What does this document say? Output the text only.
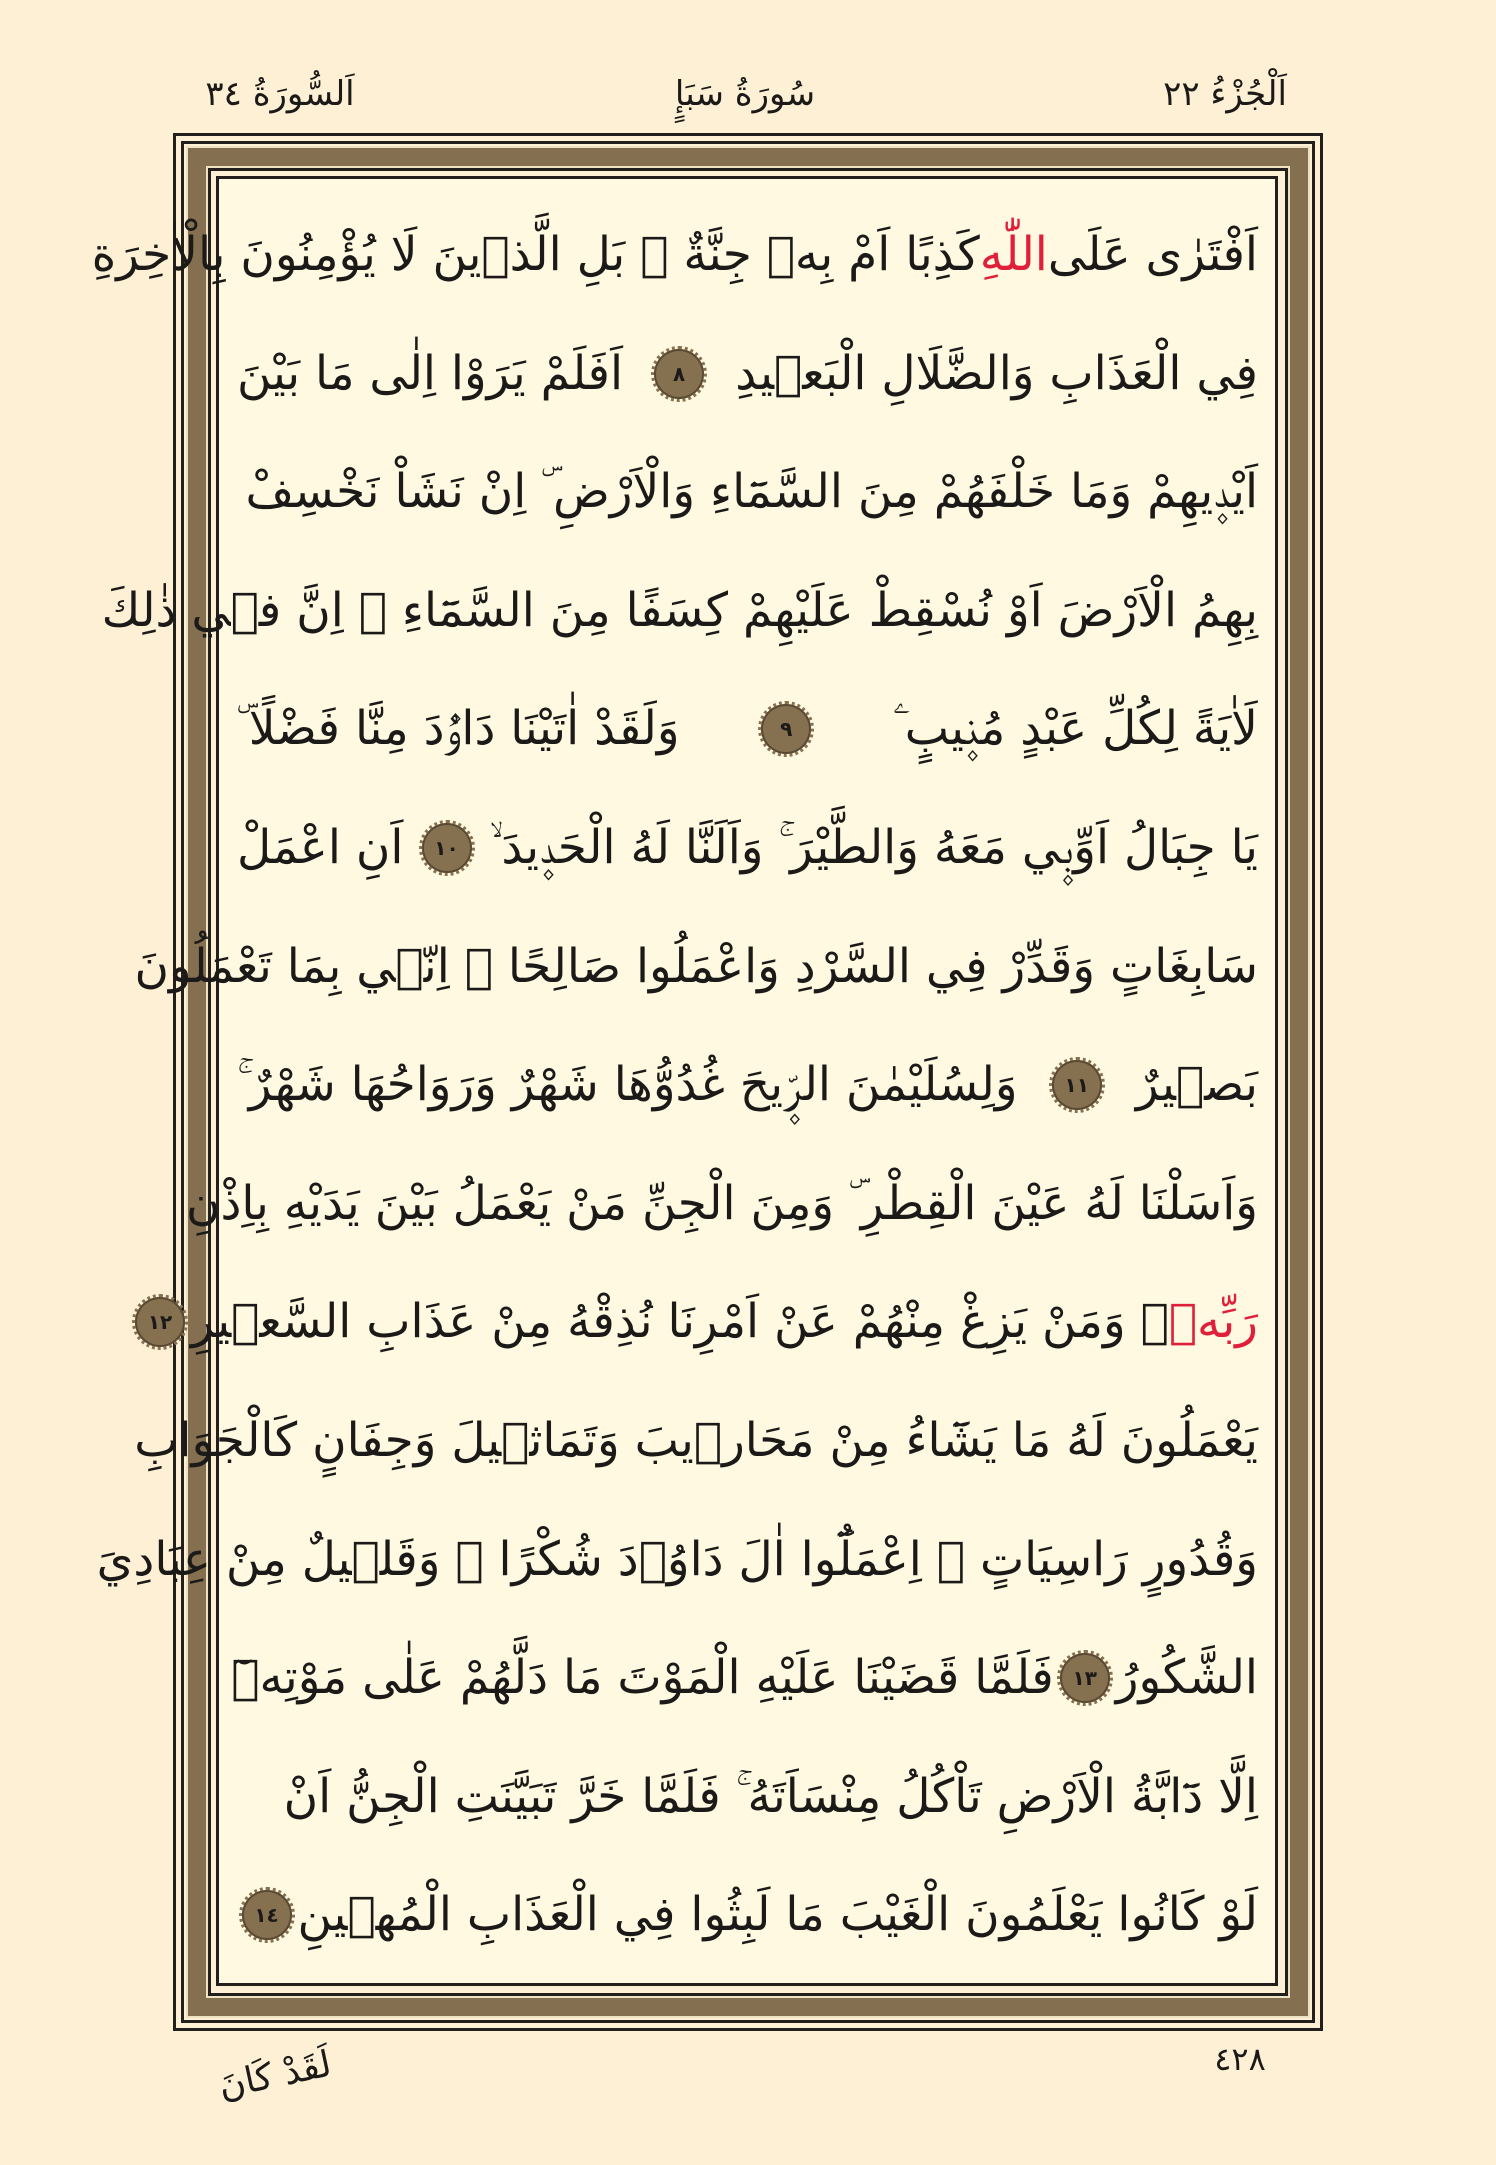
اَلسُّورَةُ ٣٤	سُورَةُ سَبَإٍ	اَلْجُزْءُ ٢٢
اَفْتَرٰى عَلَى
اللّٰهِ
كَذِبًا اَمْ بِه۪ جِنَّةٌ ۜ بَلِ الَّذ۪ينَ لَا يُؤْمِنُونَ بِالْاٰخِرَةِ
فِي الْعَذَابِ وَالضَّلَالِ الْبَع۪يدِ
٨
اَفَلَمْ يَرَوْا اِلٰى مَا بَيْنَ
اَيْد۪يهِمْ وَمَا خَلْفَهُمْ مِنَ السَّمَٓاءِ وَالْاَرْضِ ۜ اِنْ نَشَاْ نَخْسِفْ
بِهِمُ الْاَرْضَ اَوْ نُسْقِطْ عَلَيْهِمْ كِسَفًا مِنَ السَّمَٓاءِ ۜ اِنَّ ف۪ي ذٰلِكَ
لَاٰيَةً لِكُلِّ عَبْدٍ مُن۪يبٍ ۧ
٩
وَلَقَدْ اٰتَيْنَا دَاوُ۫دَ مِنَّا فَضْلًا ۜ
يَا جِبَالُ اَوِّب۪ي مَعَهُ وَالطَّيْرَ ۚ وَاَلَنَّا لَهُ الْحَد۪يدَ ۙ
١٠
اَنِ اعْمَلْ
سَابِغَاتٍ وَقَدِّرْ فِي السَّرْدِ وَاعْمَلُوا صَالِحًا ۜ اِنّ۪ي بِمَا تَعْمَلُونَ
بَص۪يرٌ
١١
وَلِسُلَيْمٰنَ الرّ۪يحَ غُدُوُّهَا شَهْرٌ وَرَوَاحُهَا شَهْرٌ ۚ
وَاَسَلْنَا لَهُ عَيْنَ الْقِطْرِ ۜ وَمِنَ الْجِنِّ مَنْ يَعْمَلُ بَيْنَ يَدَيْهِ بِاِذْنِ
رَبِّه۪
ۜ وَمَنْ يَزِغْ مِنْهُمْ عَنْ اَمْرِنَا نُذِقْهُ مِنْ عَذَابِ السَّع۪يرِ
١٢
يَعْمَلُونَ لَهُ مَا يَشَٓاءُ مِنْ مَحَار۪يبَ وَتَمَاث۪يلَ وَجِفَانٍ كَالْجَوَابِ
وَقُدُورٍ رَاسِيَاتٍ ۜ اِعْمَلُٓوا اٰلَ دَاوُ۫دَ شُكْرًا ۜ وَقَل۪يلٌ مِنْ عِبَادِيَ
الشَّكُورُ
١٣
فَلَمَّا قَضَيْنَا عَلَيْهِ الْمَوْتَ مَا دَلَّهُمْ عَلٰى مَوْتِه۪ٓ
اِلَّا دَٓابَّةُ الْاَرْضِ تَاْكُلُ مِنْسَاَتَهُ ۚ فَلَمَّا خَرَّ تَبَيَّنَتِ الْجِنُّ اَنْ
لَوْ كَانُوا يَعْلَمُونَ الْغَيْبَ مَا لَبِثُوا فِي الْعَذَابِ الْمُه۪ينِ
١٤
٤٢٨
لَقَدْ كَانَ
